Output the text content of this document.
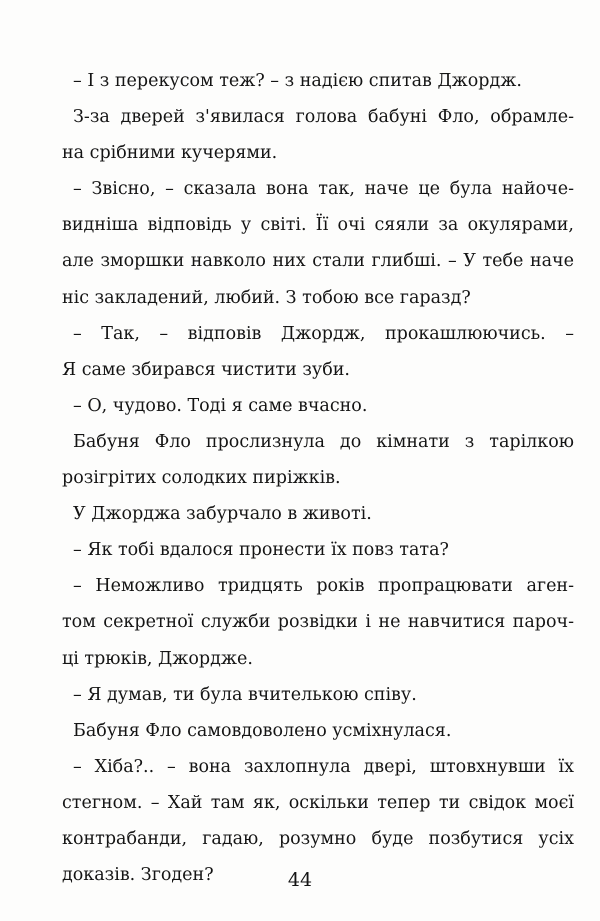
– І з перекусом теж? – з надією спитав Джордж.
З-за дверей з'явилася голова бабуні Фло, обрамле-
на срібними кучерями.
– Звісно, – сказала вона так, наче це була найоче-
видніша відповідь у світі. Її очі сяяли за окулярами,
але зморшки навколо них стали глибші. – У тебе наче
ніс закладений, любий. З тобою все гаразд?
– Так, – відповів Джордж, прокашлюючись. –
Я саме збирався чистити зуби.
– О, чудово. Тоді я саме вчасно.
Бабуня Фло прослизнула до кімнати з тарілкою
розігрітих солодких пиріжків.
У Джорджа забурчало в животі.
– Як тобі вдалося пронести їх повз тата?
– Неможливо тридцять років пропрацювати аген-
том секретної служби розвідки і не навчитися пароч-
ці трюків, Джордже.
– Я думав, ти була вчителькою співу.
Бабуня Фло самовдоволено усміхнулася.
– Хіба?.. – вона захлопнула двері, штовхнувши їх
стегном. – Хай там як, оскільки тепер ти свідок моєї
контрабанди, гадаю, розумно буде позбутися усіх
доказів. Згоден?	44
